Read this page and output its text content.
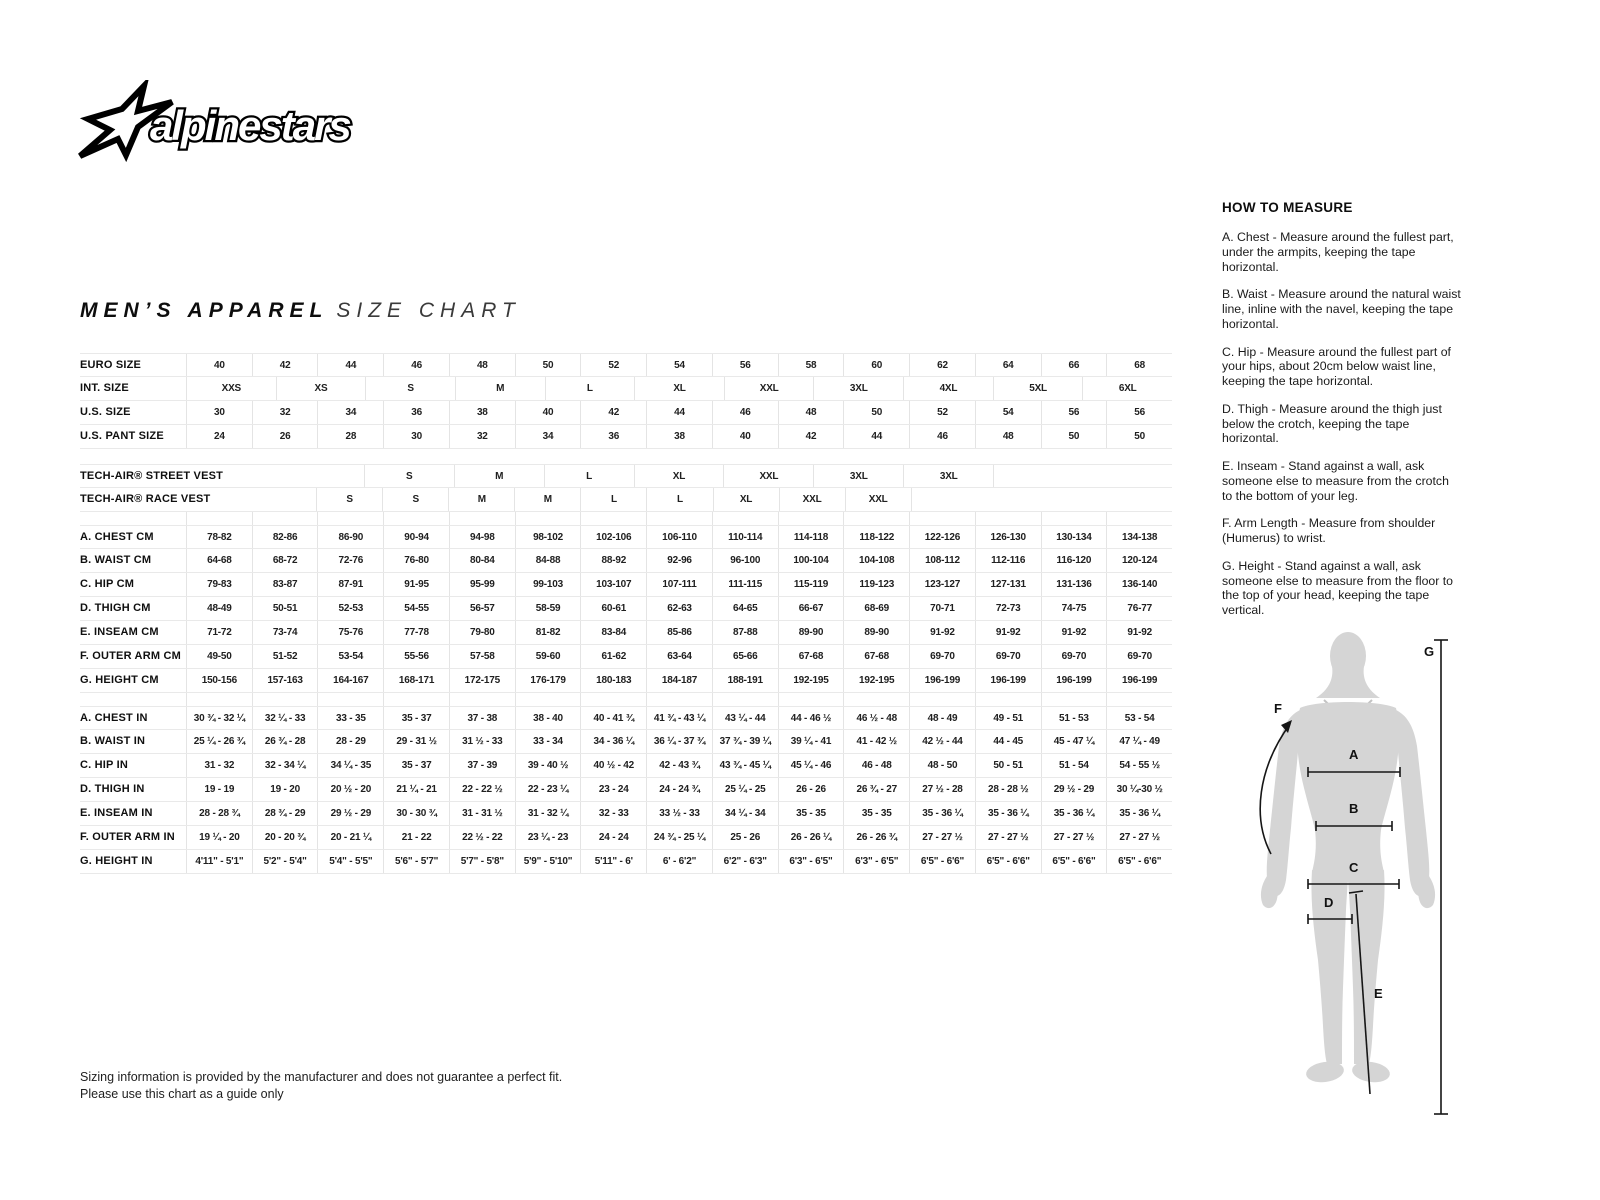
alpinestars
MEN’S APPAREL SIZE CHART
EURO SIZE	40	42	44	46	48	50	52	54	56	58	60	62	64	66	68
INT. SIZE	XXS	XS	S	M	L	XL	XXL	3XL	4XL	5XL	6XL
U.S. SIZE	30	32	34	36	38	40	42	44	46	48	50	52	54	56	56
U.S. PANT SIZE	24	26	28	30	32	34	36	38	40	42	44	46	48	50	50
TECH-AIR® STREET VEST	S	M	L	XL	XXL	3XL	3XL
TECH-AIR® RACE VEST	S	S	M	M	L	L	XL	XXL	XXL
A. CHEST CM	78-82	82-86	86-90	90-94	94-98	98-102	102-106	106-110	110-114	114-118	118-122	122-126	126-130	130-134	134-138
B. WAIST CM	64-68	68-72	72-76	76-80	80-84	84-88	88-92	92-96	96-100	100-104	104-108	108-112	112-116	116-120	120-124
C. HIP CM	79-83	83-87	87-91	91-95	95-99	99-103	103-107	107-111	111-115	115-119	119-123	123-127	127-131	131-136	136-140
D. THIGH CM	48-49	50-51	52-53	54-55	56-57	58-59	60-61	62-63	64-65	66-67	68-69	70-71	72-73	74-75	76-77
E. INSEAM CM	71-72	73-74	75-76	77-78	79-80	81-82	83-84	85-86	87-88	89-90	89-90	91-92	91-92	91-92	91-92
F. OUTER ARM CM	49-50	51-52	53-54	55-56	57-58	59-60	61-62	63-64	65-66	67-68	67-68	69-70	69-70	69-70	69-70
G. HEIGHT CM	150-156	157-163	164-167	168-171	172-175	176-179	180-183	184-187	188-191	192-195	192-195	196-199	196-199	196-199	196-199
A. CHEST IN	30 ¾ - 32 ¼	32 ¼ - 33	33 - 35	35 - 37	37 - 38	38 - 40	40 - 41 ¾	41 ¾ - 43 ¼	43 ¼ - 44	44 - 46 ½	46 ½ - 48	48 - 49	49 - 51	51 - 53	53 - 54
B. WAIST IN	25 ¼ - 26 ¾	26 ¾ - 28	28 - 29	29 - 31 ½	31 ½ - 33	33 - 34	34 - 36 ¼	36 ¼ - 37 ¾	37 ¾ - 39 ¼	39 ¼ - 41	41 - 42 ½	42 ½ - 44	44 - 45	45 - 47 ¼	47 ¼ - 49
C. HIP IN	31 - 32	32 - 34 ¼	34 ¼ - 35	35 - 37	37 - 39	39 - 40 ½	40 ½ - 42	42 - 43 ¾	43 ¾ - 45 ¼	45 ¼ - 46	46 - 48	48 - 50	50 - 51	51 - 54	54 - 55 ½
D. THIGH IN	19 - 19	19 - 20	20 ½ - 20	21 ¼ - 21	22 - 22 ½	22 - 23 ¼	23 - 24	24 - 24 ¾	25 ¼ - 25	26 - 26	26 ¾ - 27	27 ½ - 28	28 - 28 ½	29 ½ - 29	30 ¼-30 ½
E. INSEAM IN	28 - 28 ¾	28 ¾ - 29	29 ½ - 29	30 - 30 ¾	31 - 31 ½	31 - 32 ¼	32 - 33	33 ½ - 33	34 ¼ - 34	35 - 35	35 - 35	35 - 36 ¼	35 - 36 ¼	35 - 36 ¼	35 - 36 ¼
F. OUTER ARM IN	19 ¼ - 20	20 - 20 ¾	20 - 21 ¼	21 - 22	22 ½ - 22	23 ¼ - 23	24 - 24	24 ¾ - 25 ¼	25 - 26	26 - 26 ¼	26 - 26 ¾	27 - 27 ½	27 - 27 ½	27 - 27 ½	27 - 27 ½
G. HEIGHT IN	4'11" - 5'1"	5'2" - 5'4"	5'4" - 5'5"	5'6" - 5'7"	5'7" - 5'8"	5'9" - 5'10"	5'11" - 6'	6' - 6'2"	6'2" - 6'3"	6'3" - 6'5"	6'3" - 6'5"	6'5" - 6'6"	6'5" - 6'6"	6'5" - 6'6"	6'5" - 6'6"
HOW TO MEASURE

A. Chest - Measure around the fullest part, under the armpits, keeping the tape horizontal.

B. Waist - Measure around the natural waist line, inline with the navel, keeping the tape horizontal.

C. Hip - Measure around the fullest part of your hips, about 20cm below waist line, keeping the tape horizontal.

D. Thigh - Measure around the thigh just below the crotch, keeping the tape horizontal.

E. Inseam - Stand against a wall, ask someone else to measure from the crotch to the bottom of your leg.

F. Arm Length - Measure from shoulder (Humerus) to wrist.

G. Height - Stand against a wall, ask someone else to measure from the floor to the top of your head, keeping the tape vertical.

A
B
C
D
E
F
G
Sizing information is provided by the manufacturer and does not guarantee a perfect fit.
Please use this chart as a guide only
